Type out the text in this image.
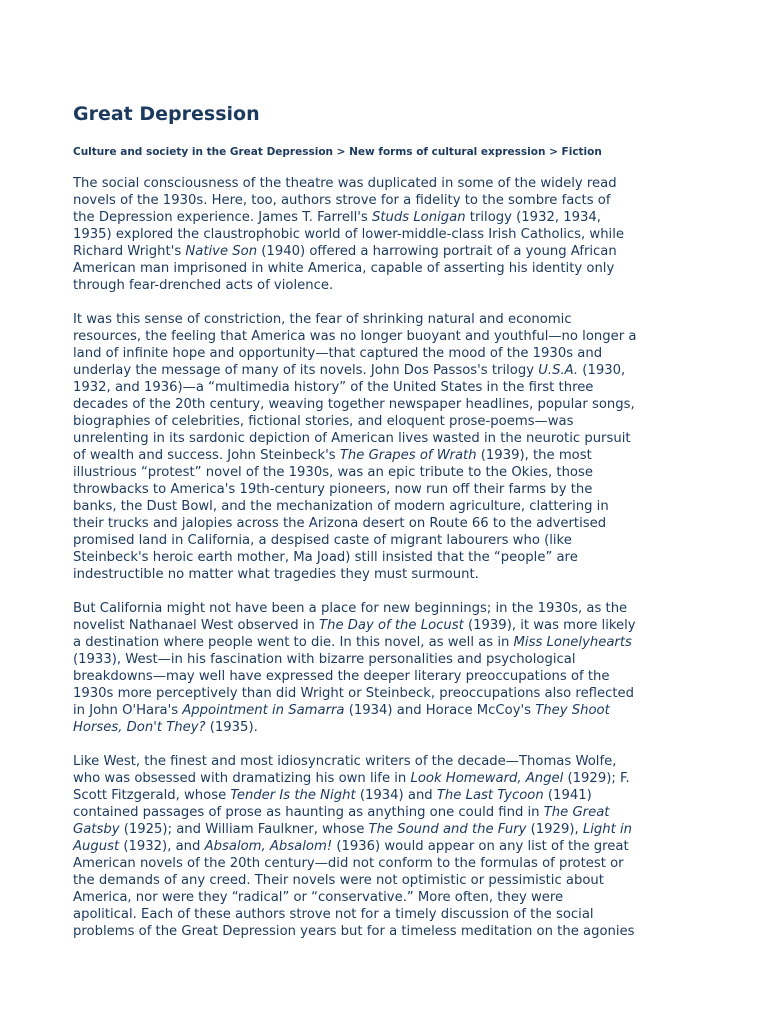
Great Depression
Culture and society in the Great Depression > New forms of cultural expression > Fiction

The social consciousness of the theatre was duplicated in some of the widely read
novels of the 1930s. Here, too, authors strove for a fidelity to the sombre facts of
the Depression experience. James T. Farrell's Studs Lonigan trilogy (1932, 1934,
1935) explored the claustrophobic world of lower-middle-class Irish Catholics, while
Richard Wright's Native Son (1940) offered a harrowing portrait of a young African
American man imprisoned in white America, capable of asserting his identity only
through fear-drenched acts of violence.

It was this sense of constriction, the fear of shrinking natural and economic
resources, the feeling that America was no longer buoyant and youthful—no longer a
land of infinite hope and opportunity—that captured the mood of the 1930s and
underlay the message of many of its novels. John Dos Passos's trilogy U.S.A. (1930,
1932, and 1936)—a “multimedia history” of the United States in the first three
decades of the 20th century, weaving together newspaper headlines, popular songs,
biographies of celebrities, fictional stories, and eloquent prose-poems—was
unrelenting in its sardonic depiction of American lives wasted in the neurotic pursuit
of wealth and success. John Steinbeck's The Grapes of Wrath (1939), the most
illustrious “protest” novel of the 1930s, was an epic tribute to the Okies, those
throwbacks to America's 19th-century pioneers, now run off their farms by the
banks, the Dust Bowl, and the mechanization of modern agriculture, clattering in
their trucks and jalopies across the Arizona desert on Route 66 to the advertised
promised land in California, a despised caste of migrant labourers who (like
Steinbeck's heroic earth mother, Ma Joad) still insisted that the “people” are
indestructible no matter what tragedies they must surmount.

But California might not have been a place for new beginnings; in the 1930s, as the
novelist Nathanael West observed in The Day of the Locust (1939), it was more likely
a destination where people went to die. In this novel, as well as in Miss Lonelyhearts
(1933), West—in his fascination with bizarre personalities and psychological
breakdowns—may well have expressed the deeper literary preoccupations of the
1930s more perceptively than did Wright or Steinbeck, preoccupations also reflected
in John O'Hara's Appointment in Samarra (1934) and Horace McCoy's They Shoot
Horses, Don't They? (1935).

Like West, the finest and most idiosyncratic writers of the decade—Thomas Wolfe,
who was obsessed with dramatizing his own life in Look Homeward, Angel (1929); F.
Scott Fitzgerald, whose Tender Is the Night (1934) and The Last Tycoon (1941)
contained passages of prose as haunting as anything one could find in The Great
Gatsby (1925); and William Faulkner, whose The Sound and the Fury (1929), Light in
August (1932), and Absalom, Absalom! (1936) would appear on any list of the great
American novels of the 20th century—did not conform to the formulas of protest or
the demands of any creed. Their novels were not optimistic or pessimistic about
America, nor were they “radical” or “conservative.” More often, they were
apolitical. Each of these authors strove not for a timely discussion of the social
problems of the Great Depression years but for a timeless meditation on the agonies
